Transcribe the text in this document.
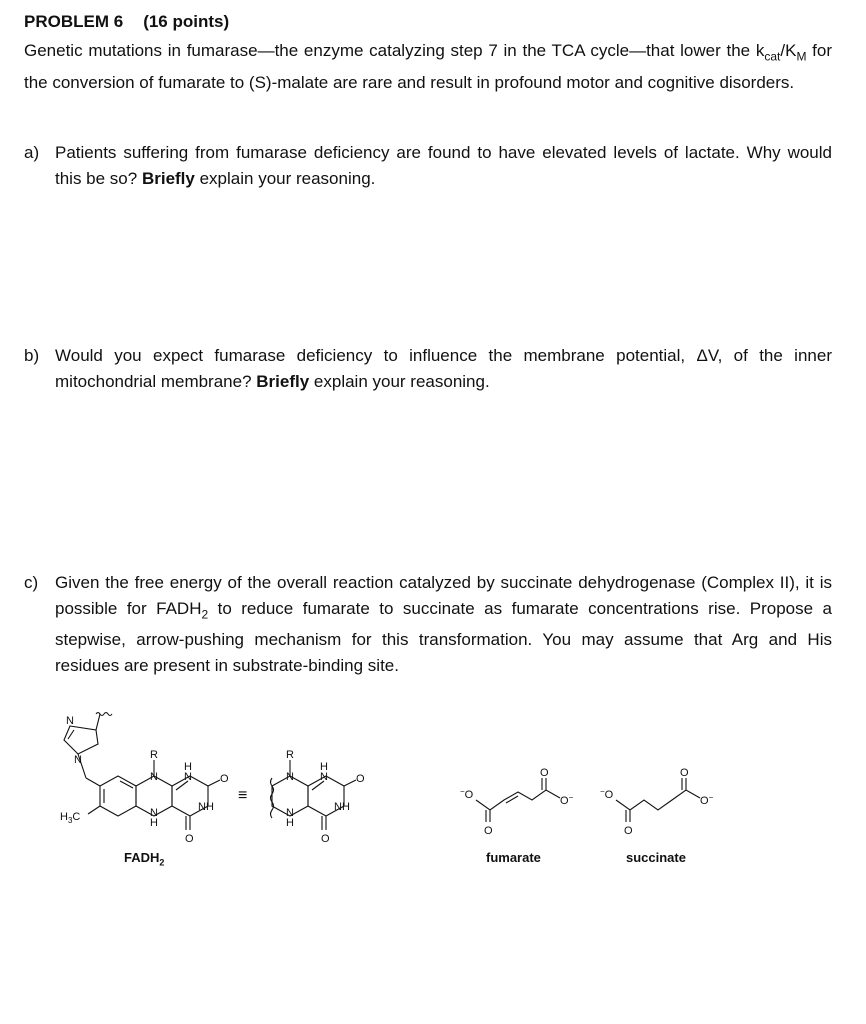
PROBLEM 6 (16 points)
Genetic mutations in fumarase—the enzyme catalyzing step 7 in the TCA cycle—that lower the $k_{cat}/K_M$ for the conversion of fumarate to (S)-malate are rare and result in profound motor and cognitive disorders.
a) Patients suffering from fumarase deficiency are found to have elevated levels of lactate. Why would this be so? Briefly explain your reasoning.
b) Would you expect fumarase deficiency to influence the membrane potential, ΔV, of the inner mitochondrial membrane? Briefly explain your reasoning.
c) Given the free energy of the overall reaction catalyzed by succinate dehydrogenase (Complex II), it is possible for $FADH_2$ to reduce fumarate to succinate as fumarate concentrations rise. Propose a stepwise, arrow-pushing mechanism for this transformation. You may assume that Arg and His residues are present in substrate-binding site.
N
N	R
N
H
N	O
NH
O
N
H
$H_3C$
≡
R
N
H
N	O
NH
O
N
H
−O
O
O
O−
−O
O
O
O−
$FADH_2$	fumarate	succinate
